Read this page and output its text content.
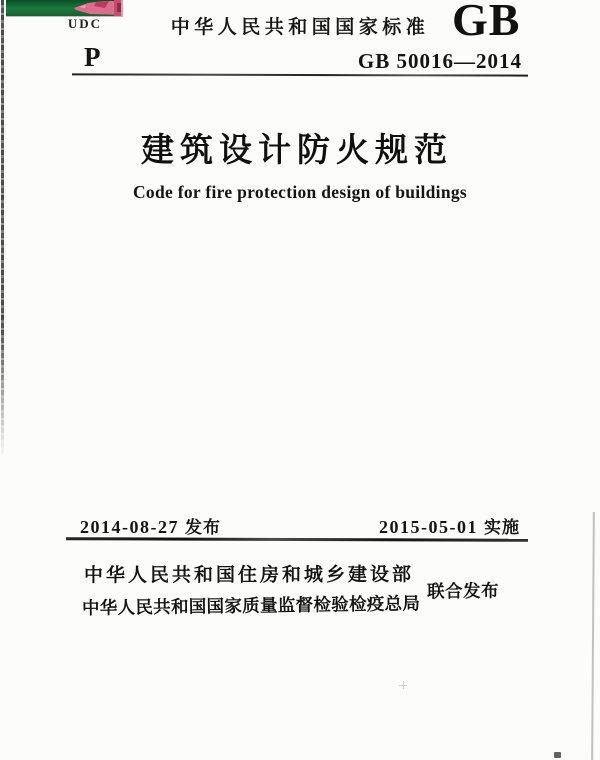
UDC	中华人民共和国国家标准 GB
P	GB 50016—2014
建筑设计防火规范
Code for fire protection design of buildings
2014-08-27 发布	2015-05-01 实施
中华人民共和国住房和城乡建设部
中华人民共和国国家质量监督检验检疫总局
联合发布
